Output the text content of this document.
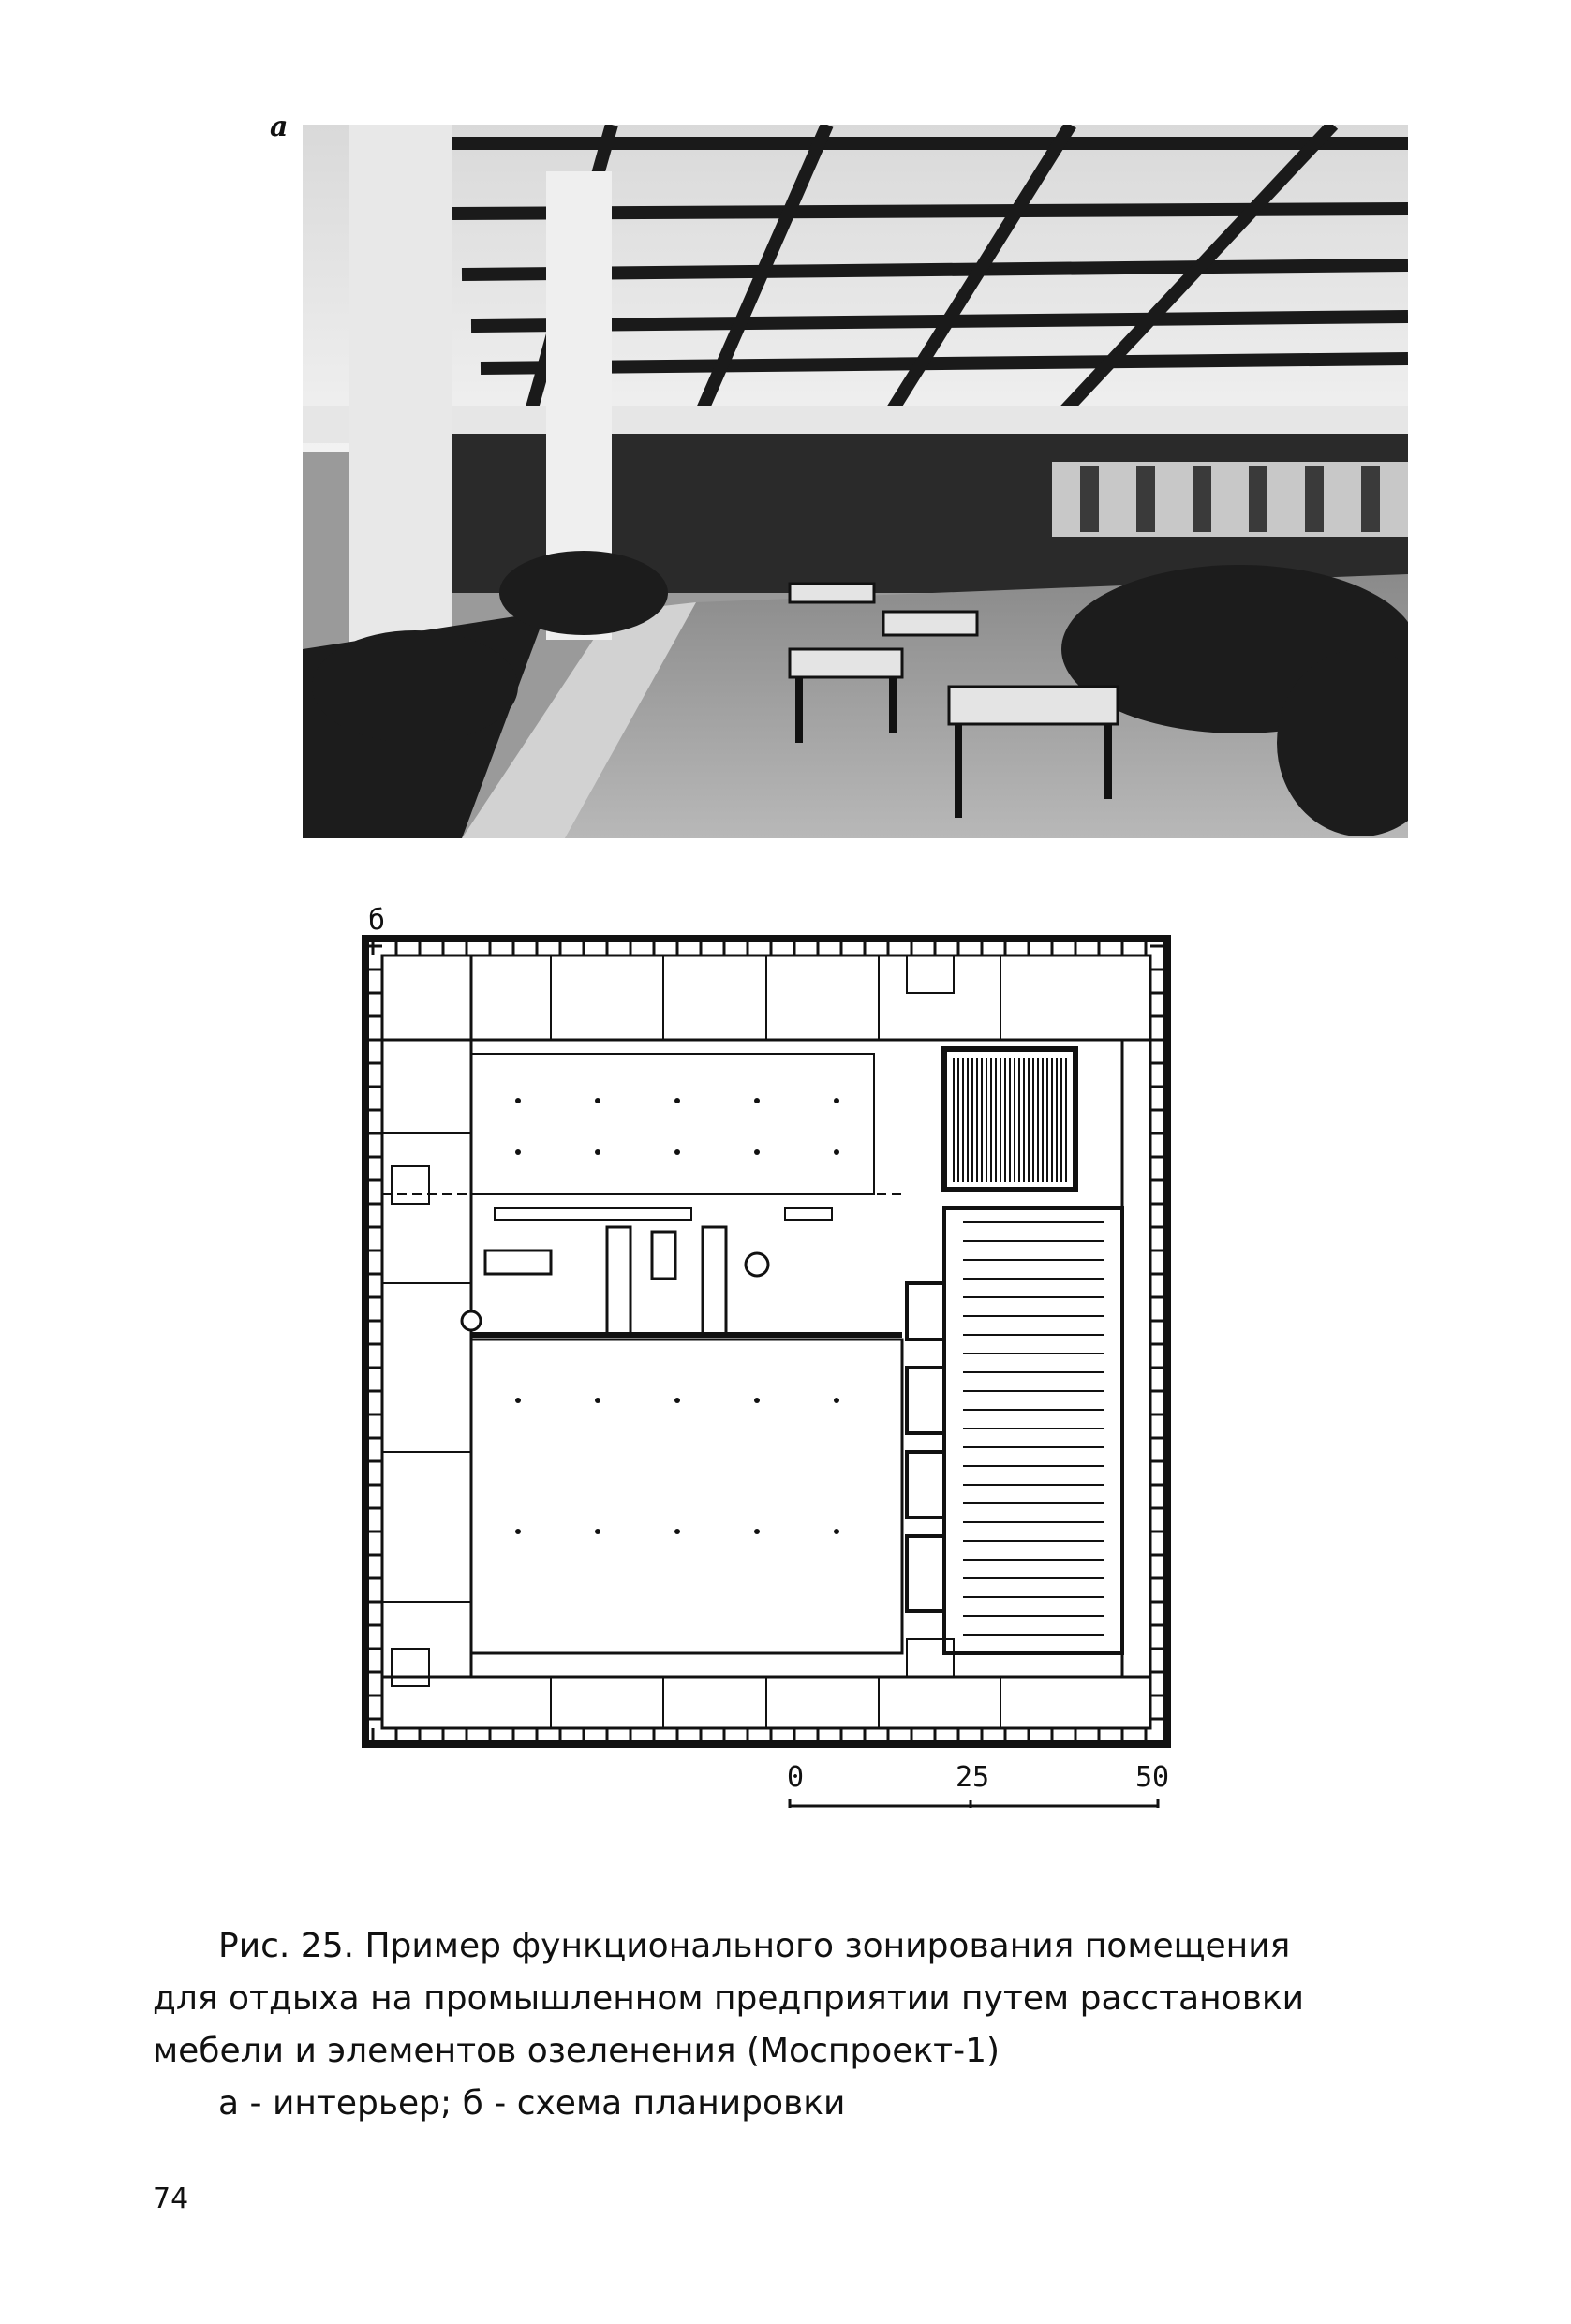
a
б
0	25	50
Рис. 25. Пример функционального зонирования помещения
для отдыха на промышленном предприятии путем расстановки
мебели и элементов озеленения (Моспроект-1)
а - интерьер; б - схема планировки
74
